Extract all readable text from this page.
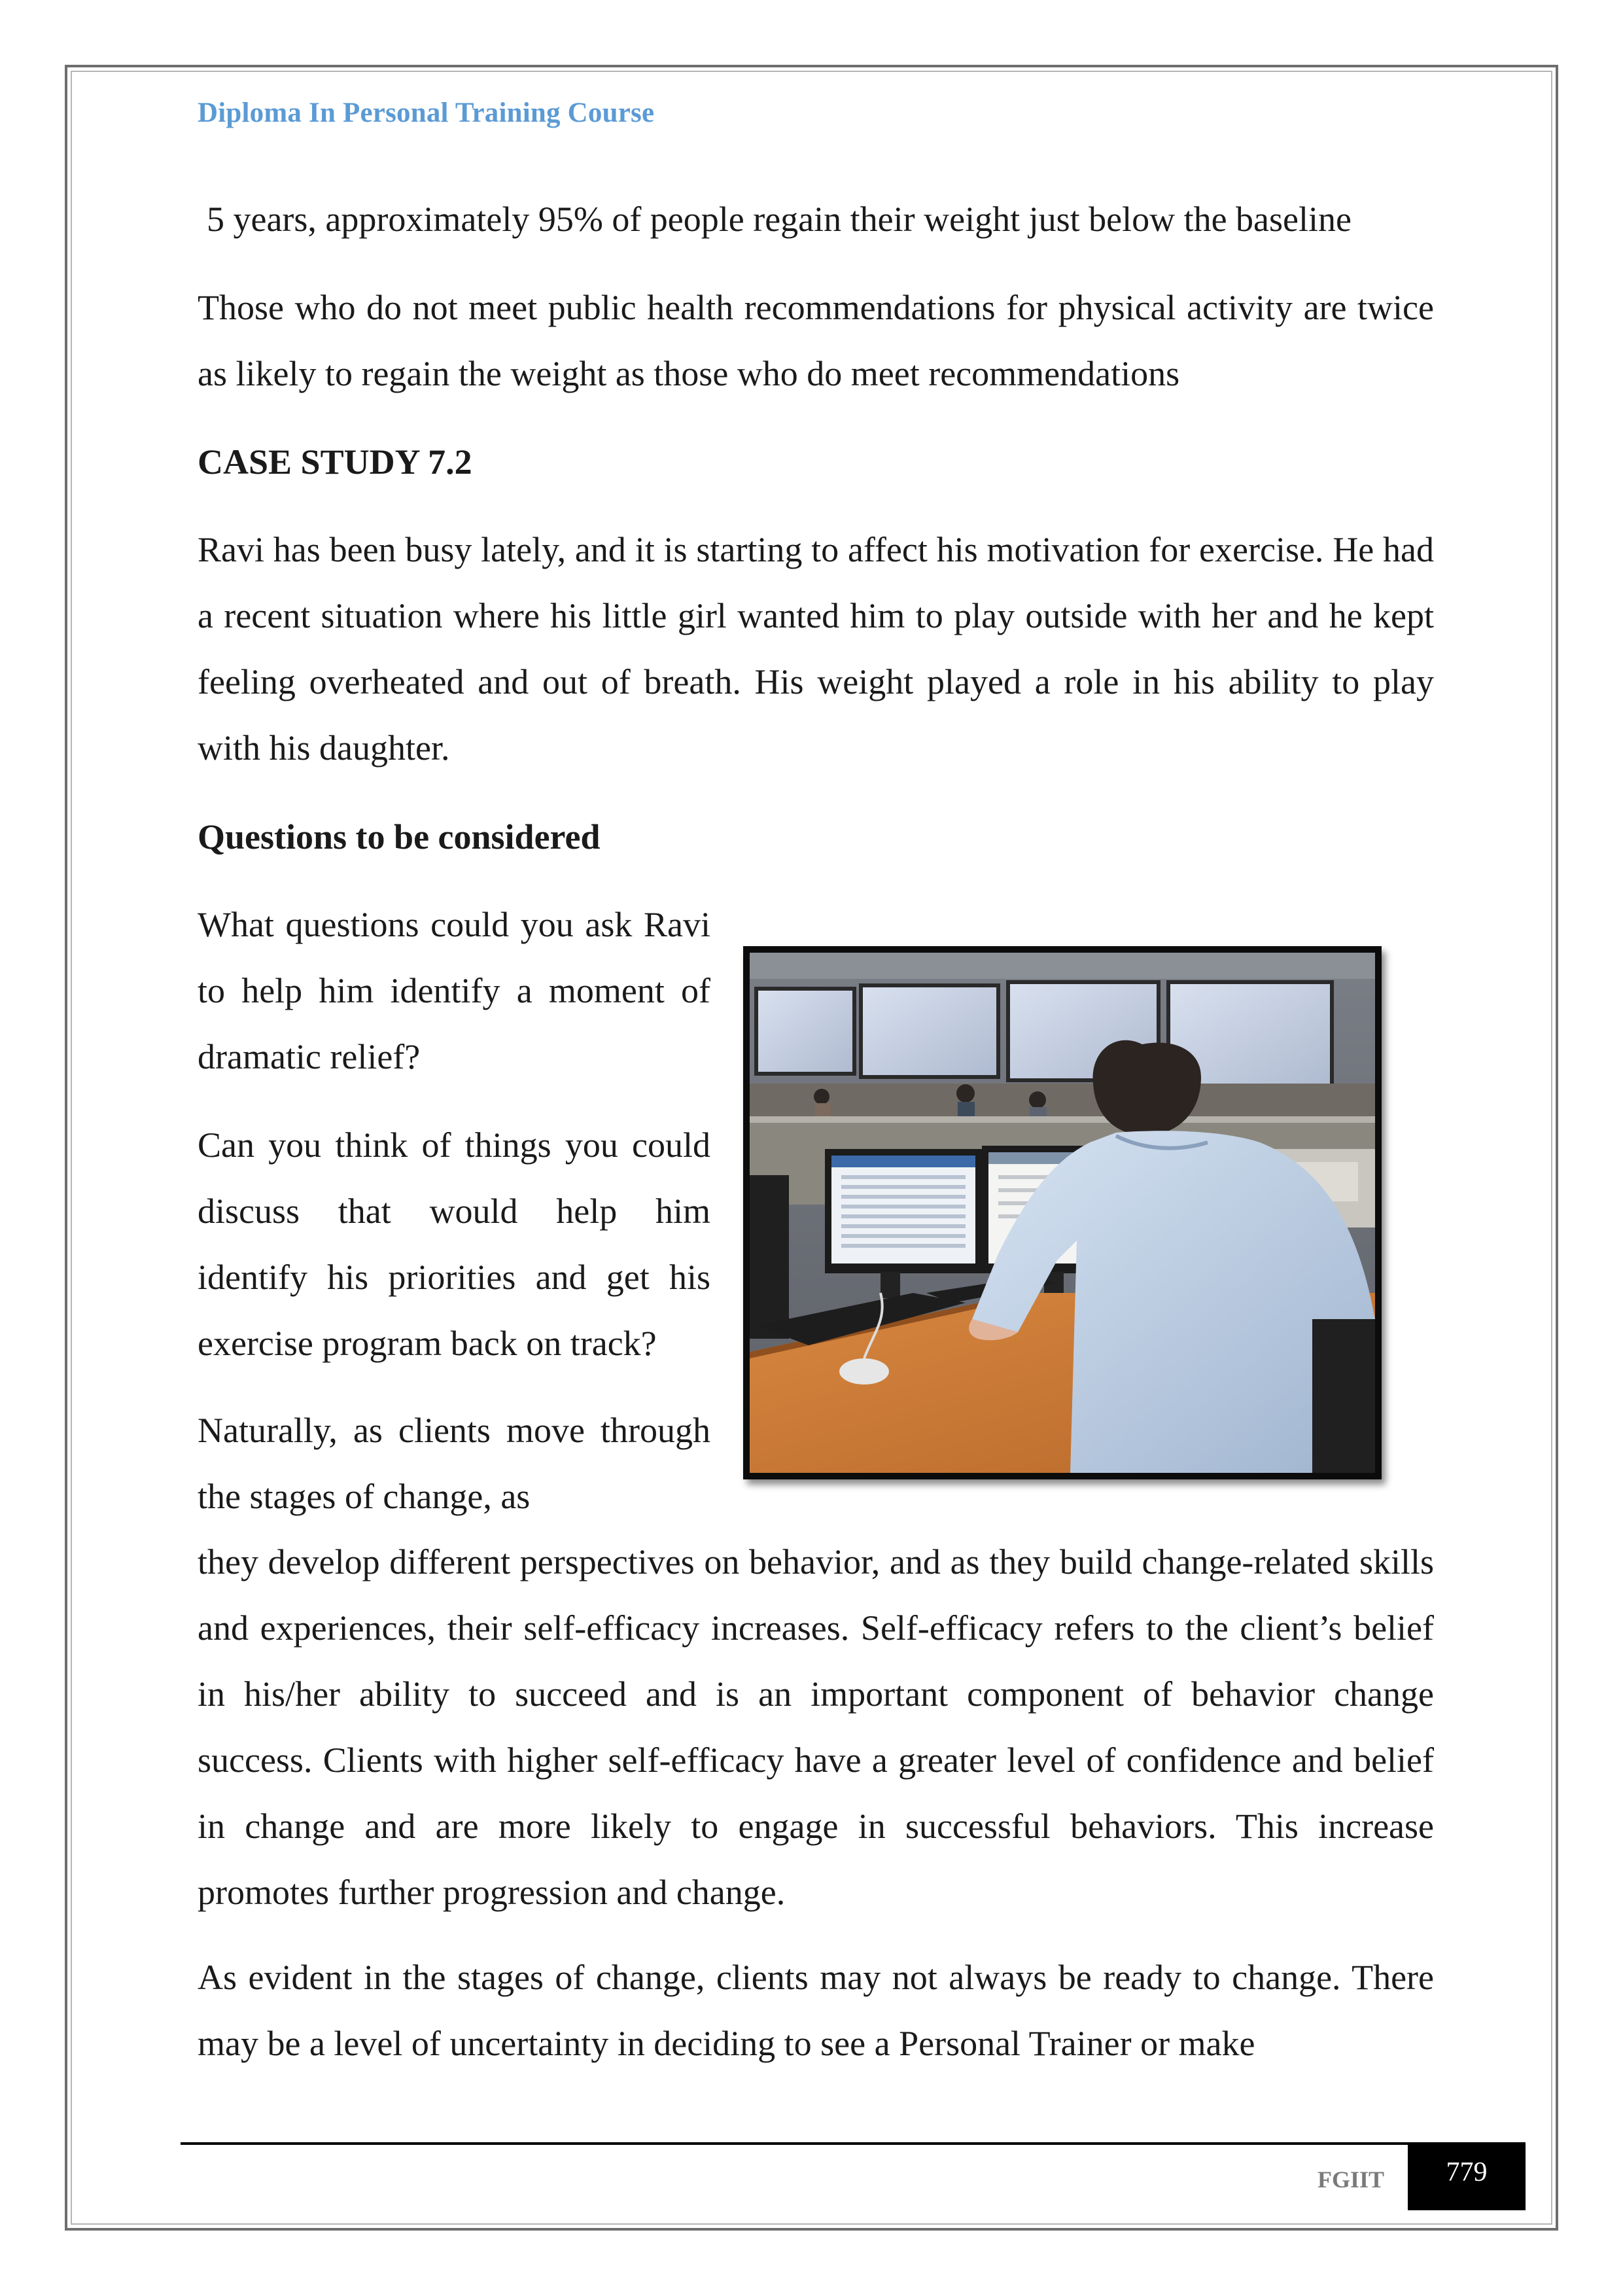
Diploma In Personal Training Course

5 years, approximately 95% of people regain their weight just below the baseline

Those who do not meet public health recommendations for physical activity are twice as likely to regain the weight as those who do meet recommendations

CASE STUDY 7.2

Ravi has been busy lately, and it is starting to affect his motivation for exercise. He had a recent situation where his little girl wanted him to play outside with her and he kept feeling overheated and out of breath. His weight played a role in his ability to play with his daughter.

Questions to be considered

What questions could you ask Ravi to help him identify a moment of dramatic relief?

Can you think of things you could discuss that would help him identify his priorities and get his exercise program back on track?

Naturally, as clients move through the stages of change, as

they develop different perspectives on behavior, and as they build change-related skills and experiences, their self-efficacy increases. Self-efficacy refers to the client’s belief in his/her ability to succeed and is an important component of behavior change success. Clients with higher self-efficacy have a greater level of confidence and belief in change and are more likely to engage in successful behaviors. This increase promotes further progression and change.

As evident in the stages of change, clients may not always be ready to change. There may be a level of uncertainty in deciding to see a Personal Trainer or make

FGIIT	779
